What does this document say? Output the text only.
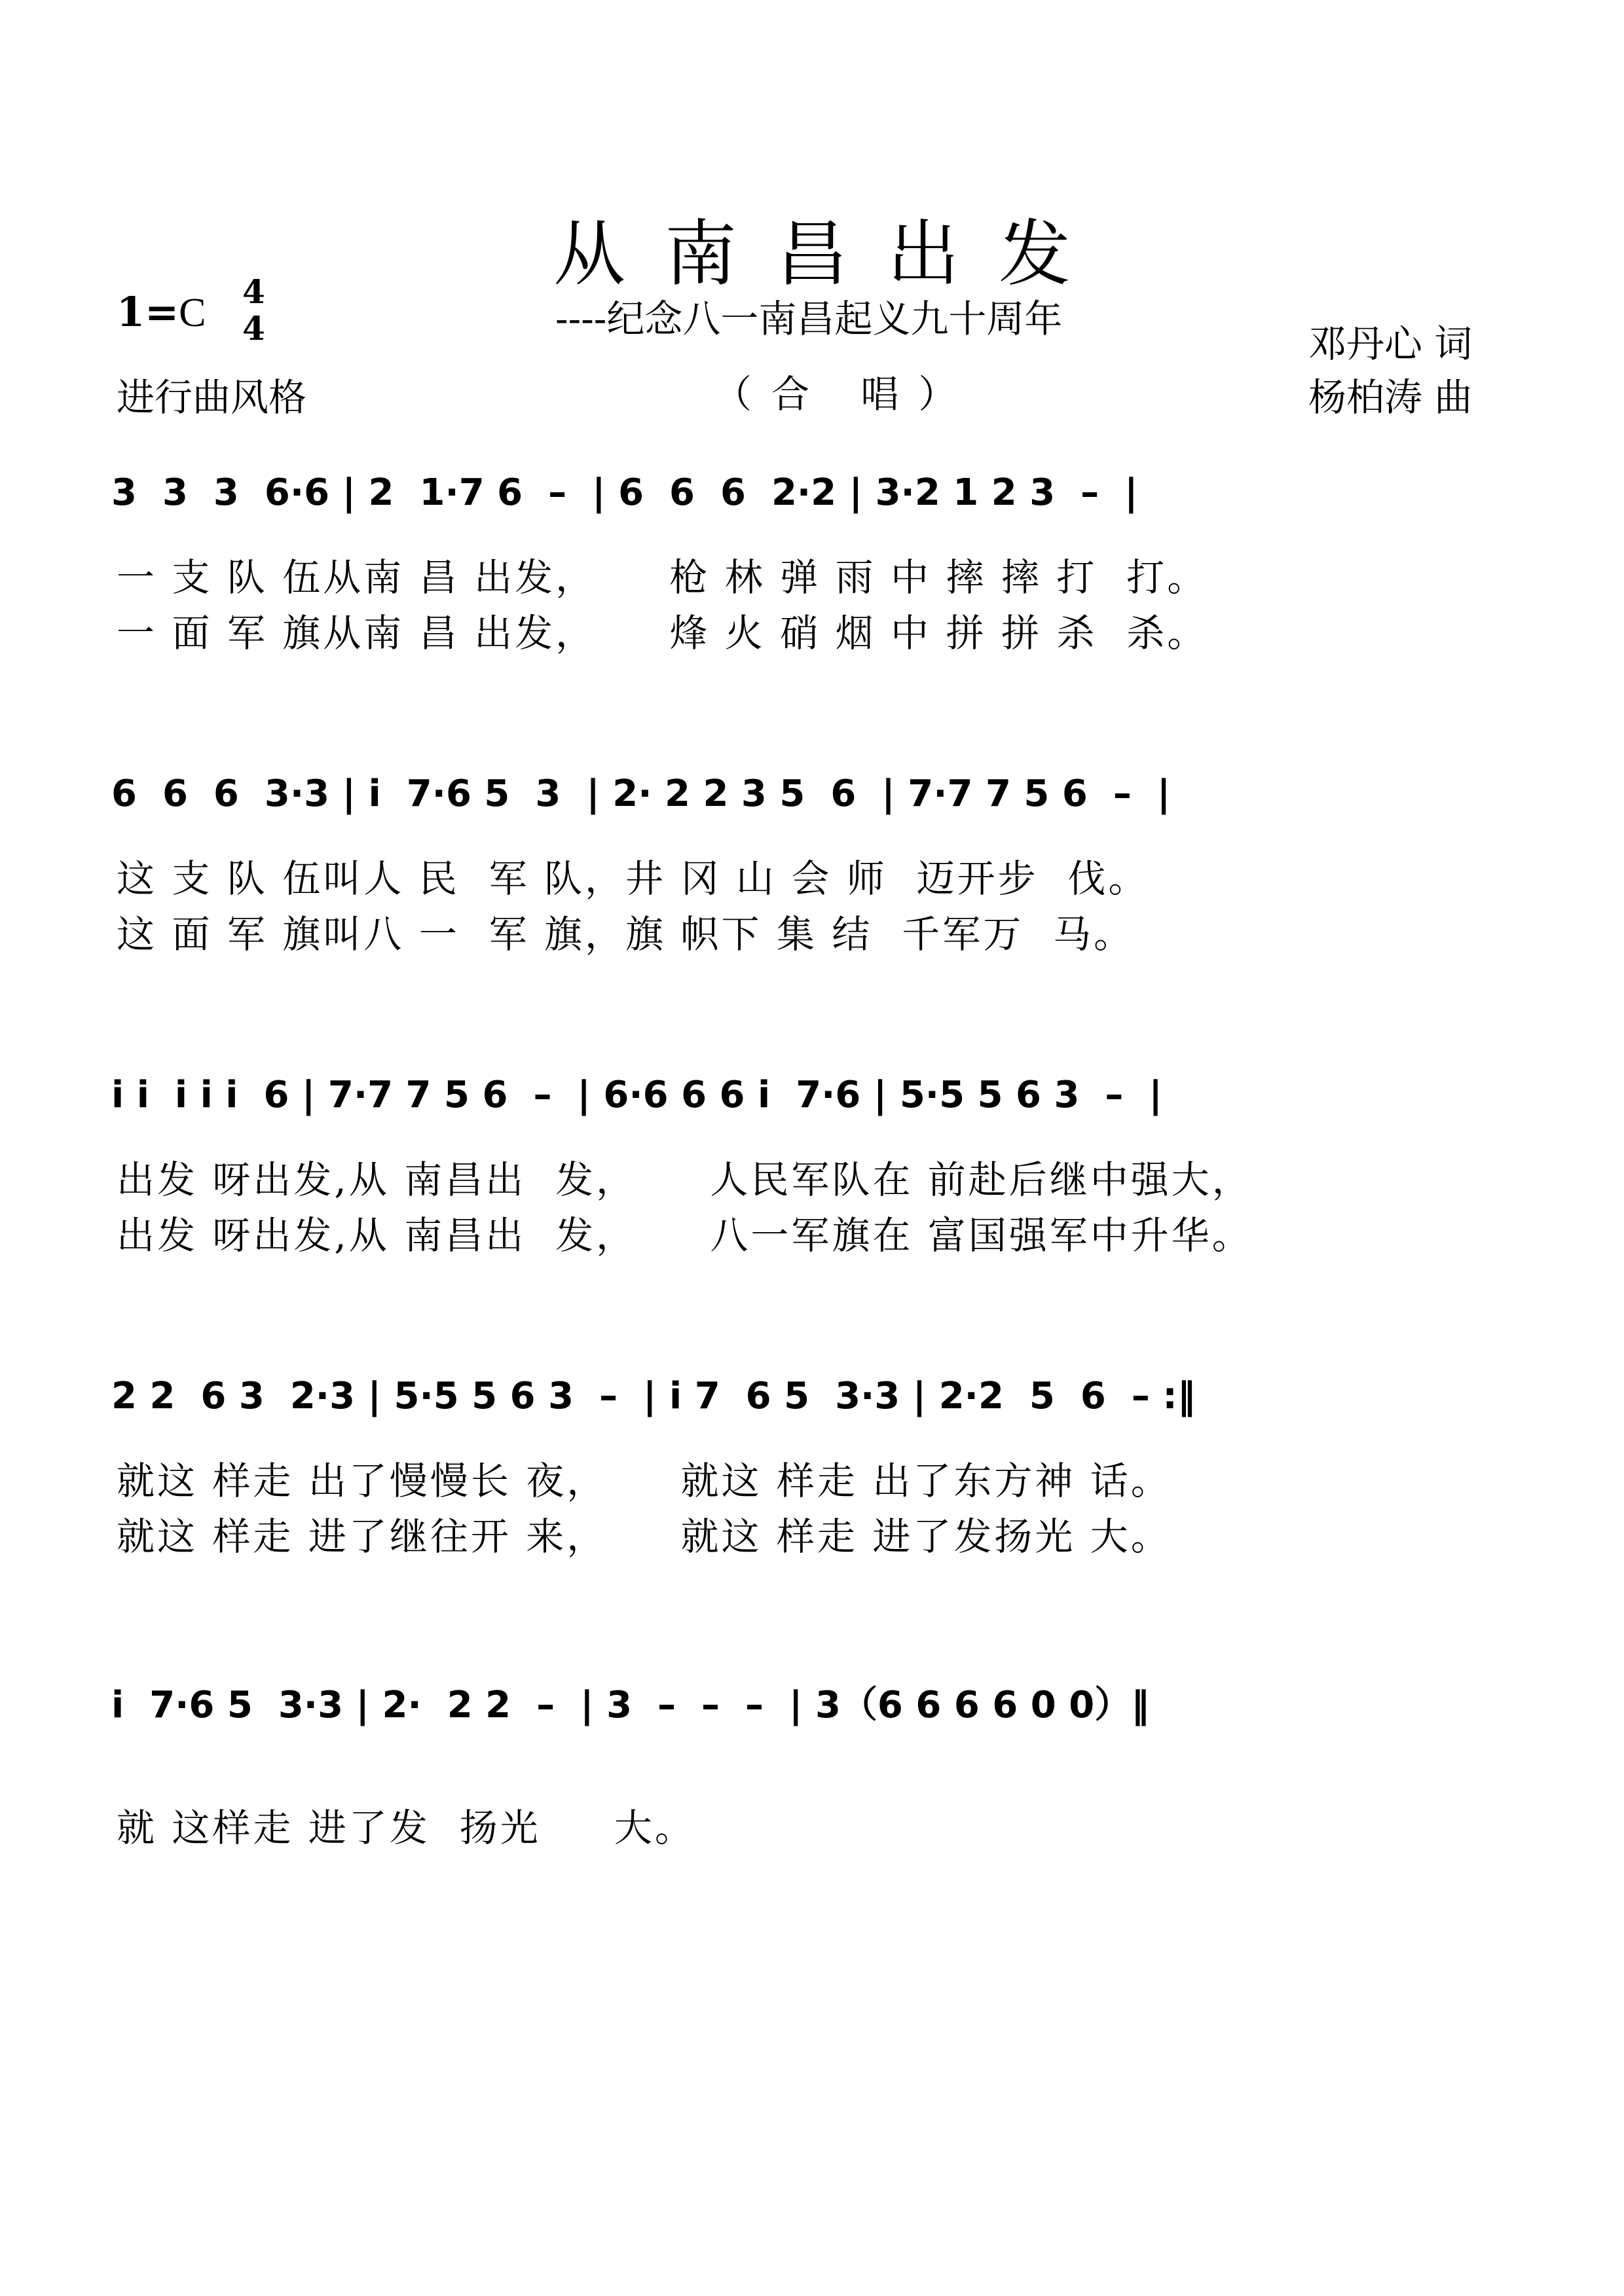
从南昌出发
1=C 4
4	----纪念八一南昌起义九十周年
进行曲风格	（合 唱）
邓丹心 词
杨柏涛 曲
3  3  3  6·6 | 2  1·7 6  –  | 6  6  6  2·2 | 3·2 1 2 3  –  |
一 支 队 伍从南 昌 出发，     枪 林 弹 雨 中 摔 摔 打  打。
一 面 军 旗从南 昌 出发，     烽 火 硝 烟 中 拼 拼 杀  杀。
6  6  6  3·3 | i  7·6 5  3  | 2· 2 2 3 5  6  | 7·7 7 5 6  –  |
这 支 队 伍叫人 民  军 队，井 冈 山 会 师  迈开步  伐。
这 面 军 旗叫八 一  军 旗，旗 帜下 集 结  千军万  马。
i i  i i i  6 | 7·7 7 5 6  –  | 6·6 6 6 i  7·6 | 5·5 5 6 3  –  |
出发 呀出发,从 南昌出  发，     人民军队在 前赴后继中强大，
出发 呀出发,从 南昌出  发，     八一军旗在 富国强军中升华。
2 2  6 3  2·3 | 5·5 5 6 3  –  | i 7  6 5  3·3 | 2·2  5  6  – :‖
就这 样走 出了慢慢长 夜，     就这 样走 出了东方神 话。
就这 样走 进了继往开 来，     就这 样走 进了发扬光 大。
i  7·6 5  3·3 | 2·  2 2  –  | 3  –  –  –  | 3（6 6 6 6 0 0）‖
就 这样走 进了发  扬光     大。
